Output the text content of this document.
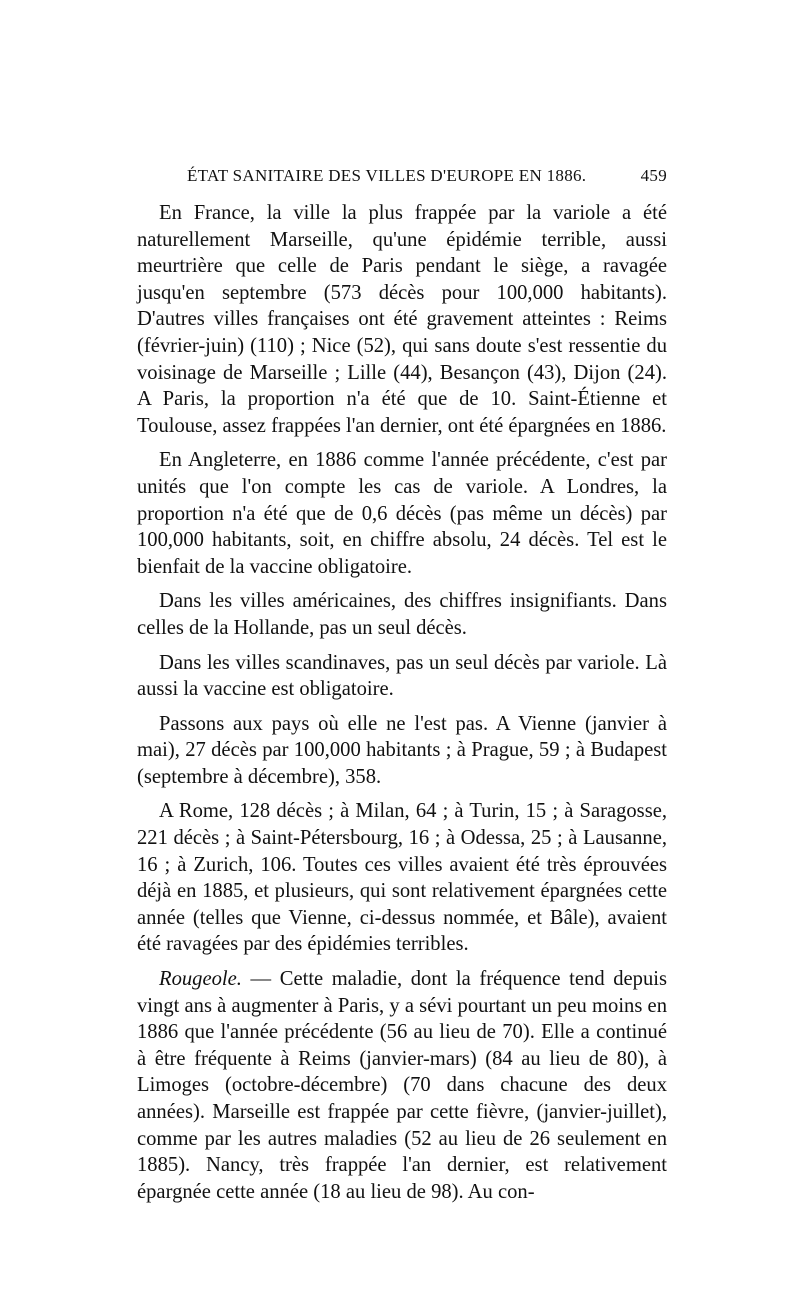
ÉTAT SANITAIRE DES VILLES D'EUROPE EN 1886.	459

En France, la ville la plus frappée par la variole a été naturellement Marseille, qu'une épidémie terrible, aussi meurtrière que celle de Paris pendant le siège, a ravagée jusqu'en septembre (573 décès pour 100,000 habitants). D'autres villes françaises ont été gravement atteintes : Reims (février-juin) (110) ; Nice (52), qui sans doute s'est ressentie du voisinage de Marseille ; Lille (44), Besançon (43), Dijon (24). A Paris, la proportion n'a été que de 10. Saint-Étienne et Toulouse, assez frappées l'an dernier, ont été épargnées en 1886.

En Angleterre, en 1886 comme l'année précédente, c'est par unités que l'on compte les cas de variole. A Londres, la proportion n'a été que de 0,6 décès (pas même un décès) par 100,000 habitants, soit, en chiffre absolu, 24 décès. Tel est le bienfait de la vaccine obligatoire.

Dans les villes américaines, des chiffres insignifiants. Dans celles de la Hollande, pas un seul décès.

Dans les villes scandinaves, pas un seul décès par variole. Là aussi la vaccine est obligatoire.

Passons aux pays où elle ne l'est pas. A Vienne (janvier à mai), 27 décès par 100,000 habitants ; à Prague, 59 ; à Budapest (septembre à décembre), 358.

A Rome, 128 décès ; à Milan, 64 ; à Turin, 15 ; à Saragosse, 221 décès ; à Saint-Pétersbourg, 16 ; à Odessa, 25 ; à Lausanne, 16 ; à Zurich, 106. Toutes ces villes avaient été très éprouvées déjà en 1885, et plusieurs, qui sont relativement épargnées cette année (telles que Vienne, ci-dessus nommée, et Bâle), avaient été ravagées par des épidémies terribles.

Rougeole. — Cette maladie, dont la fréquence tend depuis vingt ans à augmenter à Paris, y a sévi pourtant un peu moins en 1886 que l'année précédente (56 au lieu de 70). Elle a continué à être fréquente à Reims (janvier-mars) (84 au lieu de 80), à Limoges (octobre-décembre) (70 dans chacune des deux années). Marseille est frappée par cette fièvre, (janvier-juillet), comme par les autres maladies (52 au lieu de 26 seulement en 1885). Nancy, très frappée l'an dernier, est relativement épargnée cette année (18 au lieu de 98). Au con-
